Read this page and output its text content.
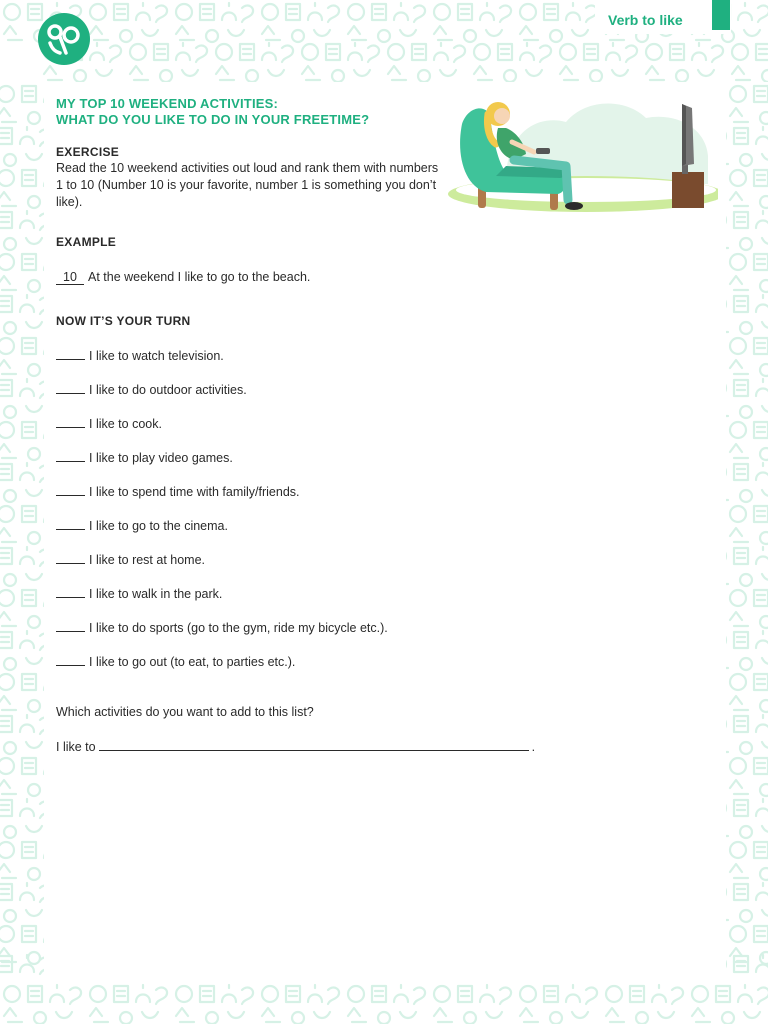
Verb to like
MY TOP 10 WEEKEND ACTIVITIES:
WHAT DO YOU LIKE TO DO IN YOUR FREETIME?
EXERCISE
Read the 10 weekend activities out loud and rank them with numbers 1 to 10 (Number 10 is your favorite, number 1 is something you don’t like).
EXAMPLE
10 At the weekend I like to go to the beach.
NOW IT’S YOUR TURN
I like to watch television.
I like to do outdoor activities.
I like to cook.
I like to play video games.
I like to spend time with family/friends.
I like to go to the cinema.
I like to rest at home.
I like to walk in the park.
I like to do sports (go to the gym, ride my bicycle etc.).
I like to go out (to eat, to parties etc.).
Which activities do you want to add to this list?
I like to	.
